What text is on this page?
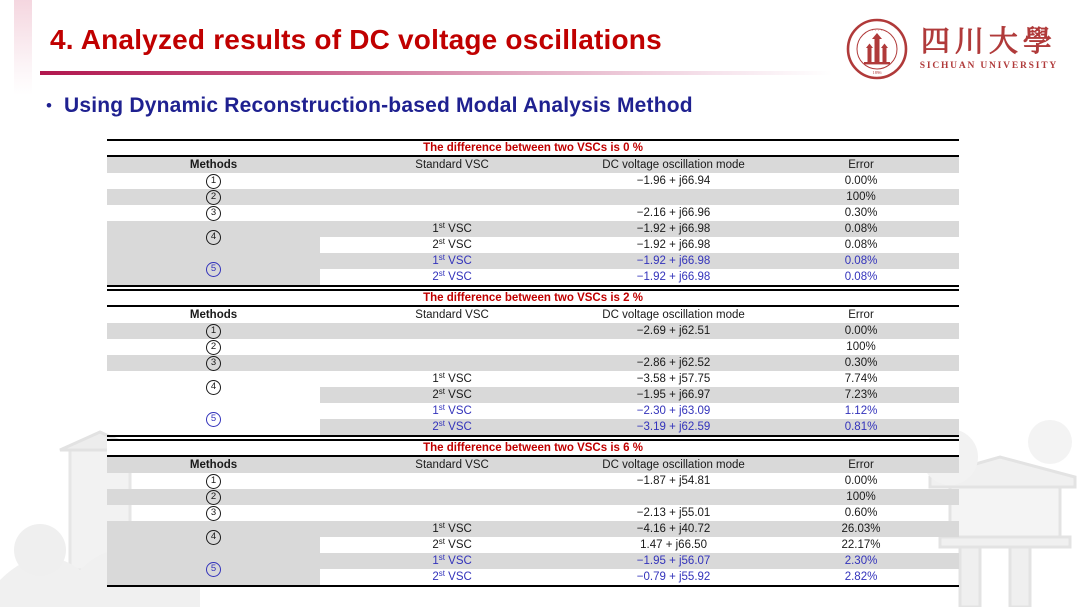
4. Analyzed results of DC voltage oscillations	· · · ·
1896
四川大學
SICHUAN UNIVERSITY
• Using Dynamic Reconstruction-based Modal Analysis Method
The difference between two VSCs is 0 %			
Methods	Standard VSC	DC voltage oscillation mode	Error
1		−1.96 + j66.94	0.00%
2			100%
3		−2.16 + j66.96	0.30%
4	1st VSC	−1.92 + j66.98	0.08%
	2st VSC	−1.92 + j66.98	0.08%
5	1st VSC	−1.92 + j66.98	0.08%
	2st VSC	−1.92 + j66.98	0.08%
The difference between two VSCs is 2 %			
Methods	Standard VSC	DC voltage oscillation mode	Error
1		−2.69 + j62.51	0.00%
2			100%
3		−2.86 + j62.52	0.30%
4	1st VSC	−3.58 + j57.75	7.74%
	2st VSC	−1.95 + j66.97	7.23%
5	1st VSC	−2.30 + j63.09	1.12%
	2st VSC	−3.19 + j62.59	0.81%
The difference between two VSCs is 6 %			
Methods	Standard VSC	DC voltage oscillation mode	Error
1		−1.87 + j54.81	0.00%
2			100%
3		−2.13 + j55.01	0.60%
4	1st VSC	−4.16 + j40.72	26.03%
	2st VSC	1.47 + j66.50	22.17%
5	1st VSC	−1.95 + j56.07	2.30%
	2st VSC	−0.79 + j55.92	2.82%
